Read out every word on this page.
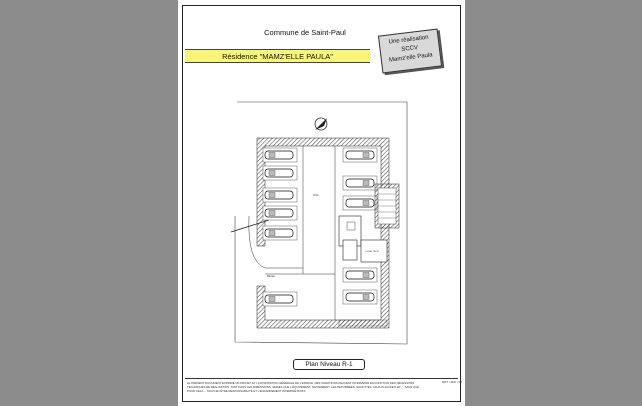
Commune de Saint-Paul
Résidence "MAMZ'ELLE PAULA"
Une réalisation
SCCV
Mamz'elle Paula
Rampe
Circ.
LOCAL TECH
Plan Niveau R-1
LE PRÉSENT DOCUMENT EXPRIME UN PROJET ET LA DISPOSITION GÉNÉRALE DE L'ESPACE. DES VARIATIONS PEUVENT INTERVENIR EN FONCTION DES NÉCESSITÉS TECHNIQUES DE RÉALISATION. TANT DANS LES DIMENSIONS, SERIES QUE L'ÉQUIPEMENT, NOTAMMENT, LES RETOMBÉES, SOFFITTES, FAUX-PLAFONDS ET ... SANS QUE POUR CELA ... SOUS EN ÊTRE RESPONSABILITÉ ET L'ENCADREMENT INTERPRÉTATIFS
DDT / MCI / 06
